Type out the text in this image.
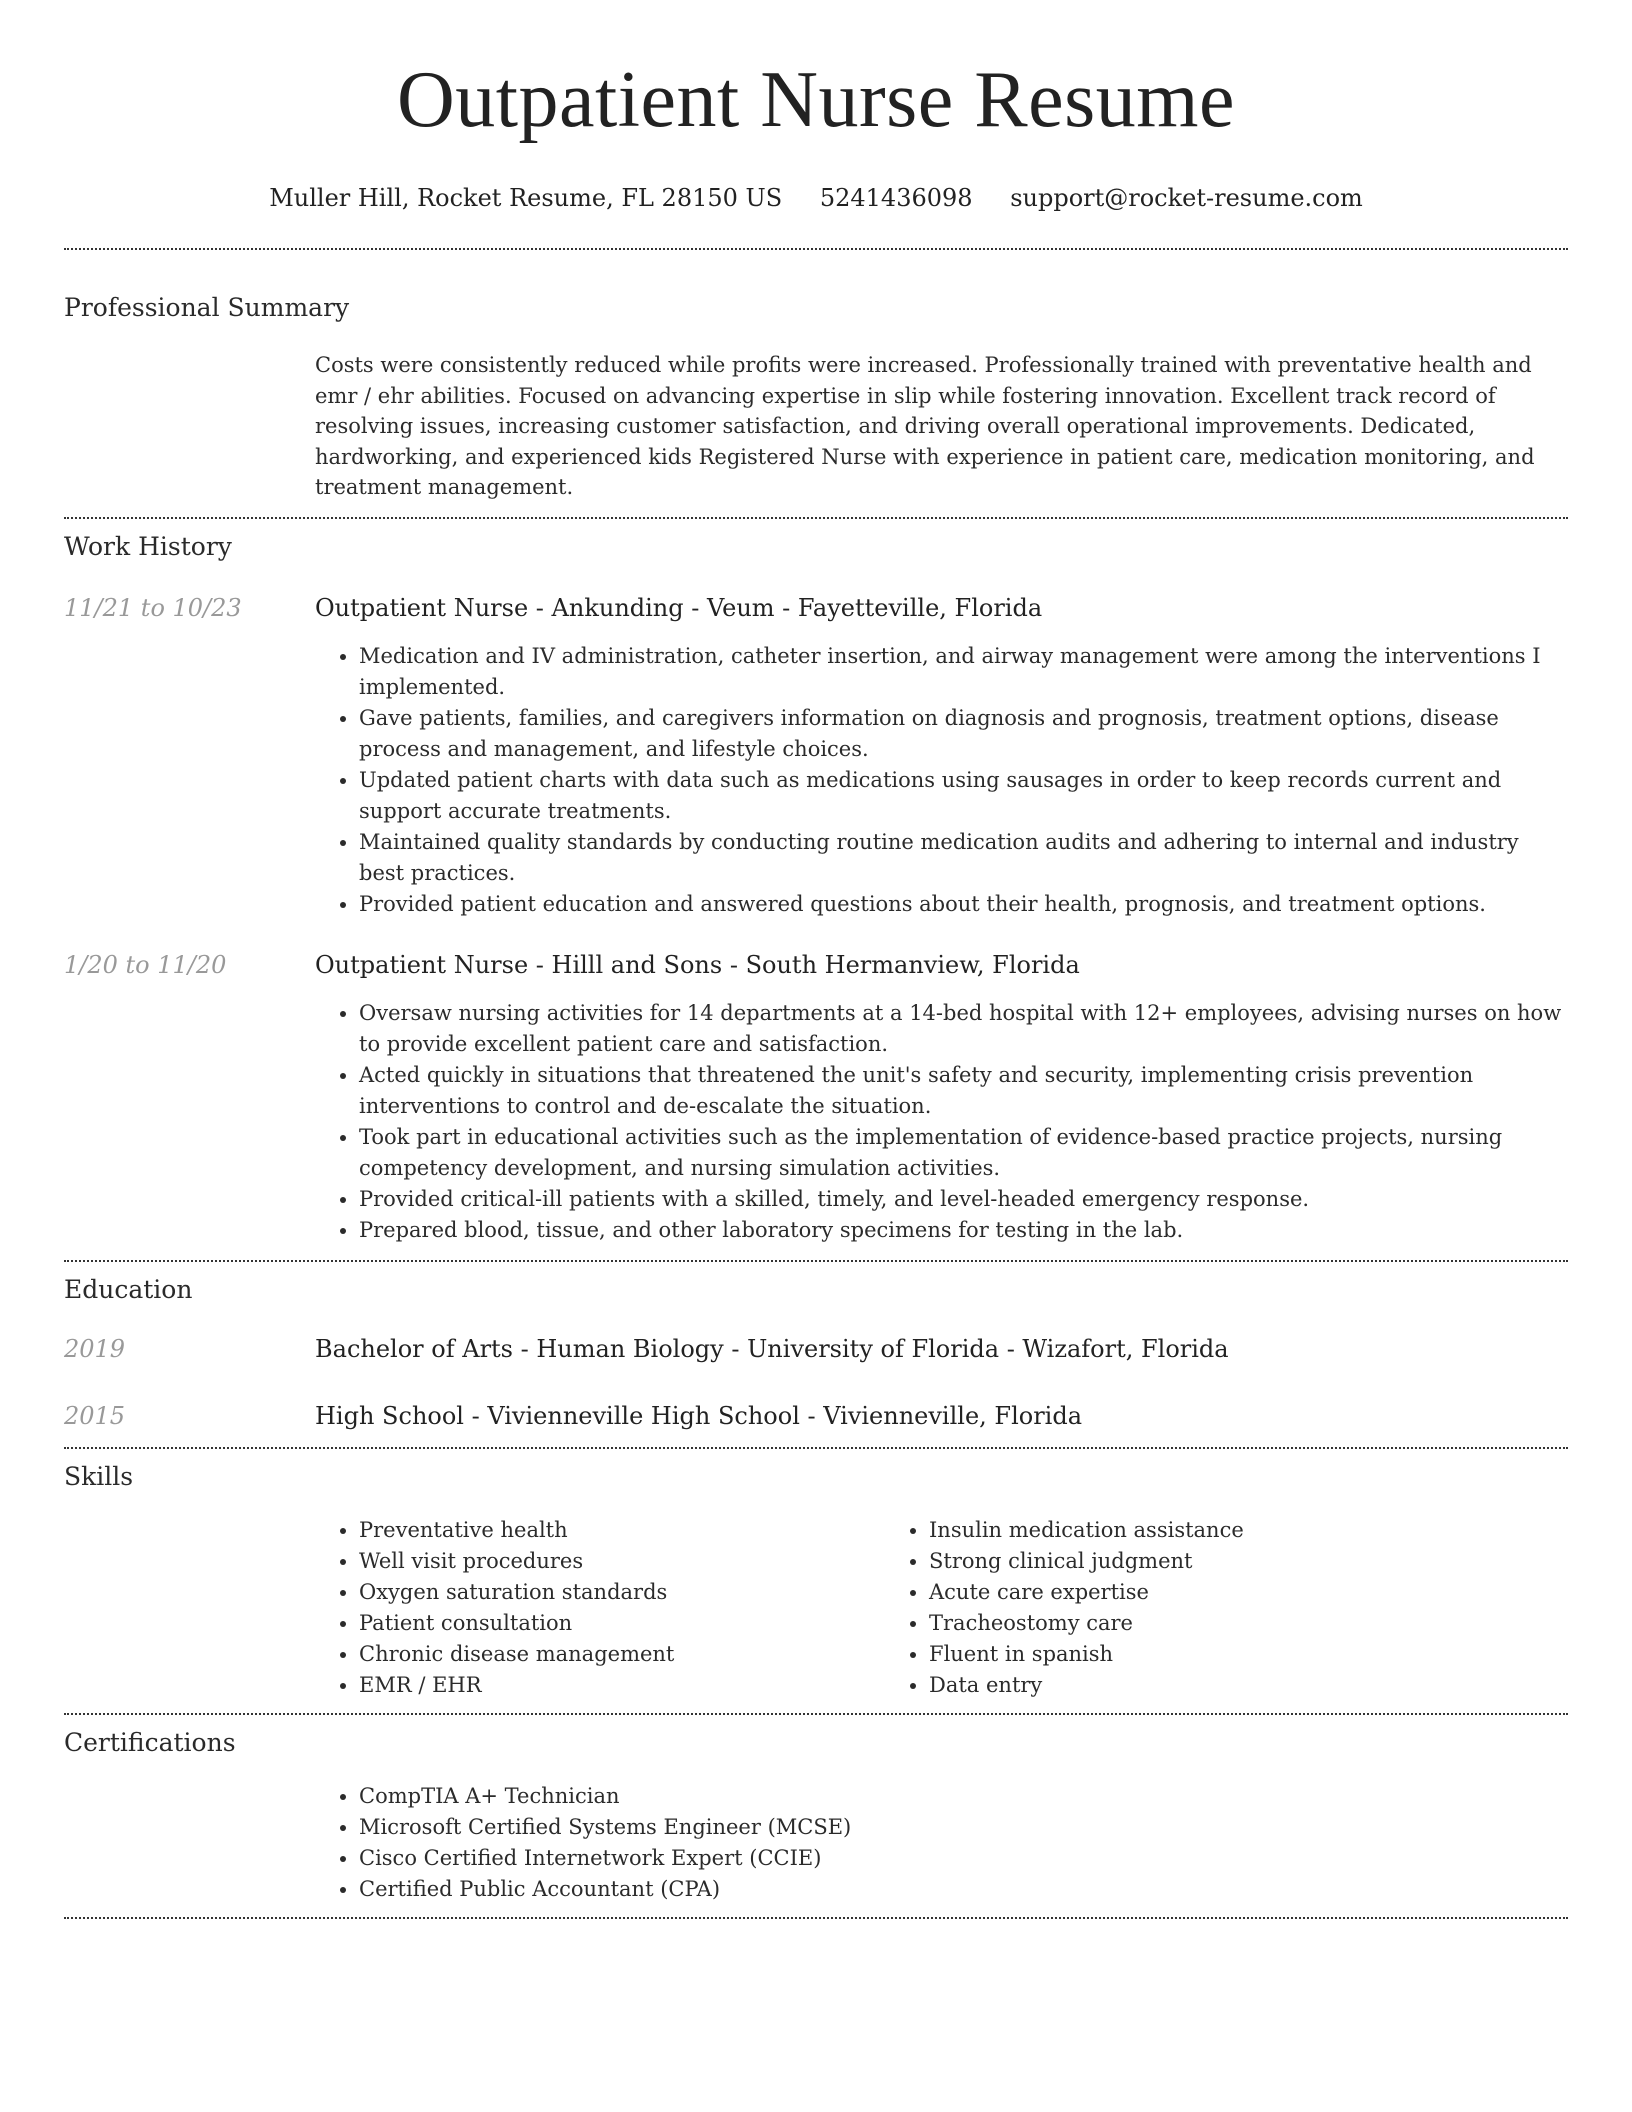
Outpatient Nurse Resume
Muller Hill, Rocket Resume, FL 28150 US 5241436098 support@rocket-resume.com
Professional Summary

Costs were consistently reduced while profits were increased. Professionally trained with preventative health and emr / ehr abilities. Focused on advancing expertise in slip while fostering innovation. Excellent track record of resolving issues, increasing customer satisfaction, and driving overall operational improvements. Dedicated, hardworking, and experienced kids Registered Nurse with experience in patient care, medication monitoring, and treatment management.

Work History
11/21 to 10/23	Outpatient Nurse - Ankunding - Veum - Fayetteville, Florida
• Medication and IV administration, catheter insertion, and airway management were among the interventions I implemented.
• Gave patients, families, and caregivers information on diagnosis and prognosis, treatment options, disease process and management, and lifestyle choices.
• Updated patient charts with data such as medications using sausages in order to keep records current and support accurate treatments.
• Maintained quality standards by conducting routine medication audits and adhering to internal and industry best practices.
• Provided patient education and answered questions about their health, prognosis, and treatment options.
1/20 to 11/20	Outpatient Nurse - Hilll and Sons - South Hermanview, Florida
• Oversaw nursing activities for 14 departments at a 14-bed hospital with 12+ employees, advising nurses on how to provide excellent patient care and satisfaction.
• Acted quickly in situations that threatened the unit's safety and security, implementing crisis prevention interventions to control and de-escalate the situation.
• Took part in educational activities such as the implementation of evidence-based practice projects, nursing competency development, and nursing simulation activities.
• Provided critical-ill patients with a skilled, timely, and level-headed emergency response.
• Prepared blood, tissue, and other laboratory specimens for testing in the lab.
Education
2019	Bachelor of Arts - Human Biology - University of Florida - Wizafort, Florida
2015	High School - Vivienneville High School - Vivienneville, Florida
Skills
• Preventative health
• Well visit procedures
• Oxygen saturation standards
• Patient consultation
• Chronic disease management
• EMR / EHR
• Insulin medication assistance
• Strong clinical judgment
• Acute care expertise
• Tracheostomy care
• Fluent in spanish
• Data entry
Certifications
• CompTIA A+ Technician
• Microsoft Certified Systems Engineer (MCSE)
• Cisco Certified Internetwork Expert (CCIE)
• Certified Public Accountant (CPA)
